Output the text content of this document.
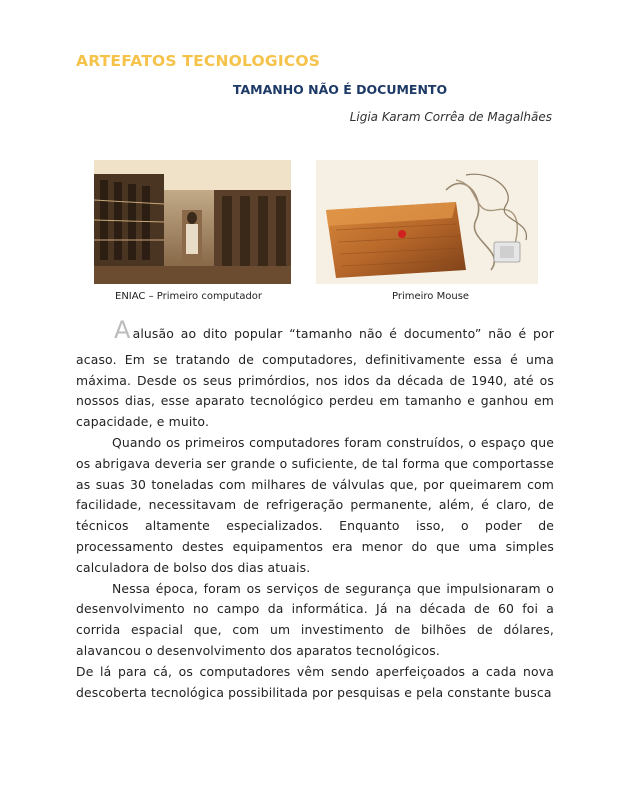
ARTEFATOS TECNOLOGICOS
TAMANHO NÃO É DOCUMENTO
Ligia Karam Corrêa de Magalhães
ENIAC – Primeiro computador	Primeiro Mouse
Aalusão ao dito popular “tamanho não é documento” não é por

acaso. Em se tratando de computadores, definitivamente essa é uma máxima. Desde os seus primórdios, nos idos da década de 1940, até os nossos dias, esse aparato tecnológico perdeu em tamanho e ganhou em capacidade, e muito.

Quando os primeiros computadores foram construídos, o espaço que os abrigava deveria ser grande o suficiente, de tal forma que comportasse as suas 30 toneladas com milhares de válvulas que, por queimarem com facilidade, necessitavam de refrigeração permanente, além, é claro, de técnicos altamente especializados. Enquanto isso, o poder de processamento destes equipamentos era menor do que uma simples calculadora de bolso dos dias atuais.

Nessa época, foram os serviços de segurança que impulsionaram o desenvolvimento no campo da informática. Já na década de 60 foi a corrida espacial que, com um investimento de bilhões de dólares, alavancou o desenvolvimento dos aparatos tecnológicos.

De lá para cá, os computadores vêm sendo aperfeiçoados a cada nova descoberta tecnológica possibilitada por pesquisas e pela constante busca
